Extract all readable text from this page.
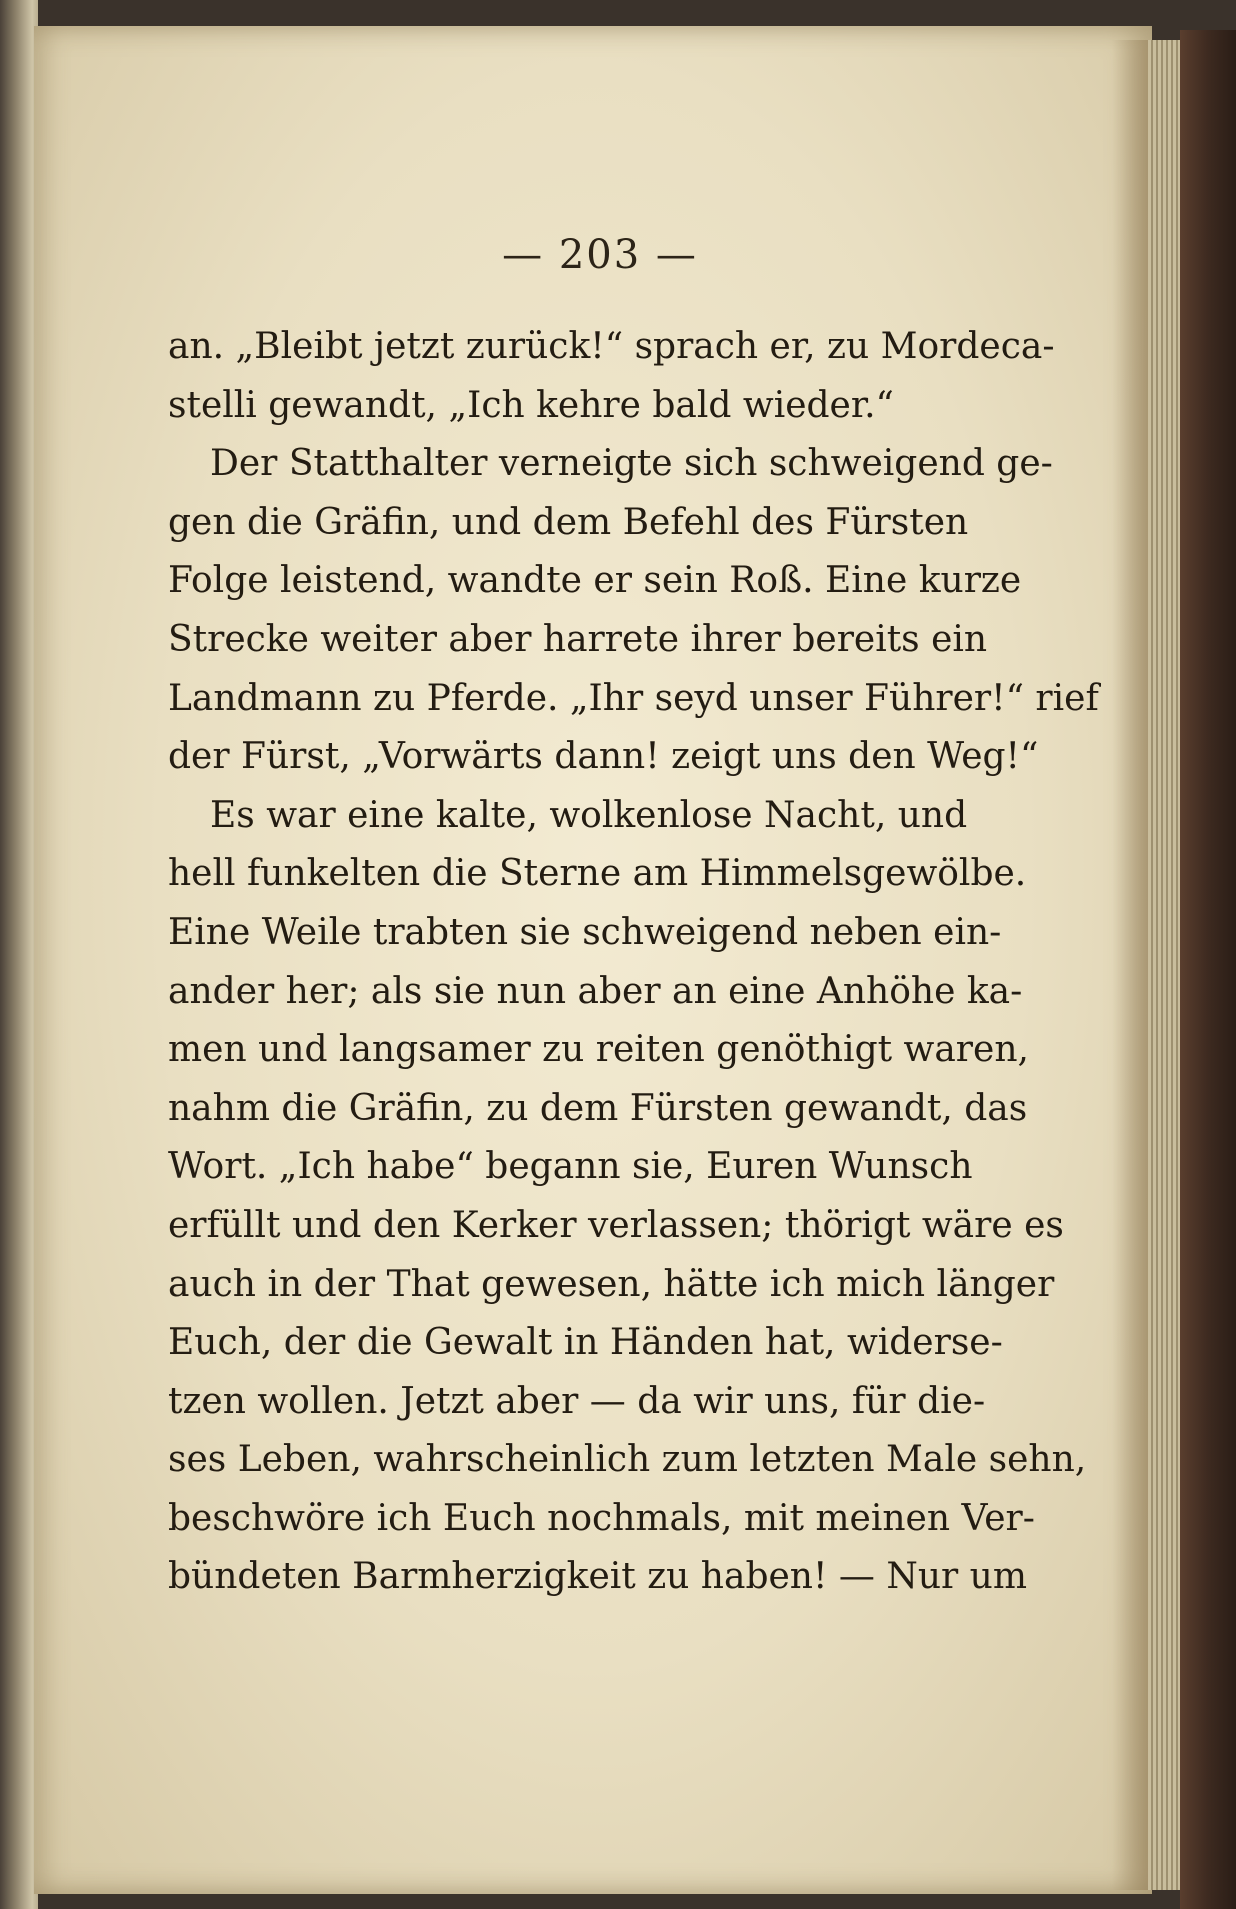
— 203 —
an. „Bleibt jetzt zurück!“ sprach er, zu Mordeca-
stelli gewandt, „Ich kehre bald wieder.“
Der Statthalter verneigte sich schweigend ge-
gen die Gräfin, und dem Befehl des Fürsten
Folge leistend, wandte er sein Roß. Eine kurze
Strecke weiter aber harrete ihrer bereits ein
Landmann zu Pferde. „Ihr seyd unser Führer!“ rief
der Fürst, „Vorwärts dann! zeigt uns den Weg!“
Es war eine kalte, wolkenlose Nacht, und
hell funkelten die Sterne am Himmelsgewölbe.
Eine Weile trabten sie schweigend neben ein-
ander her; als sie nun aber an eine Anhöhe ka-
men und langsamer zu reiten genöthigt waren,
nahm die Gräfin, zu dem Fürsten gewandt, das
Wort. „Ich habe“ begann sie, Euren Wunsch
erfüllt und den Kerker verlassen; thörigt wäre es
auch in der That gewesen, hätte ich mich länger
Euch, der die Gewalt in Händen hat, widerse-
tzen wollen. Jetzt aber — da wir uns, für die-
ses Leben, wahrscheinlich zum letzten Male sehn,
beschwöre ich Euch nochmals, mit meinen Ver-
bündeten Barmherzigkeit zu haben! — Nur um
